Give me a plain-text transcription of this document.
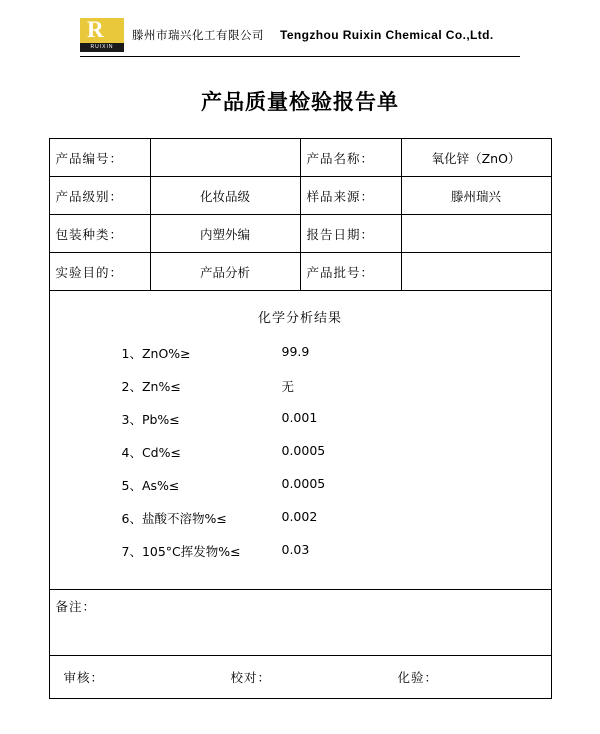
R
RUIXIN
滕州市瑞兴化工有限公司 Tengzhou Ruixin Chemical Co.,Ltd.
产品质量检验报告单
产品编号：		产品名称：	氧化锌（ZnO）
产品级别：	化妆品级	样品来源：	滕州瑞兴
包装种类：	内塑外编	报告日期：	
实验目的：	产品分析	产品批号：	

化学分析结果
1、ZnO%≥	99.9
2、Zn%≤	无
3、Pb%≤	0.001
4、Cd%≤	0.0005
5、As%≤	0.0005
6、盐酸不溶物%≤	0.002
7、105°C挥发物%≤	0.03

备注：			

审核： 校对： 化验：			
